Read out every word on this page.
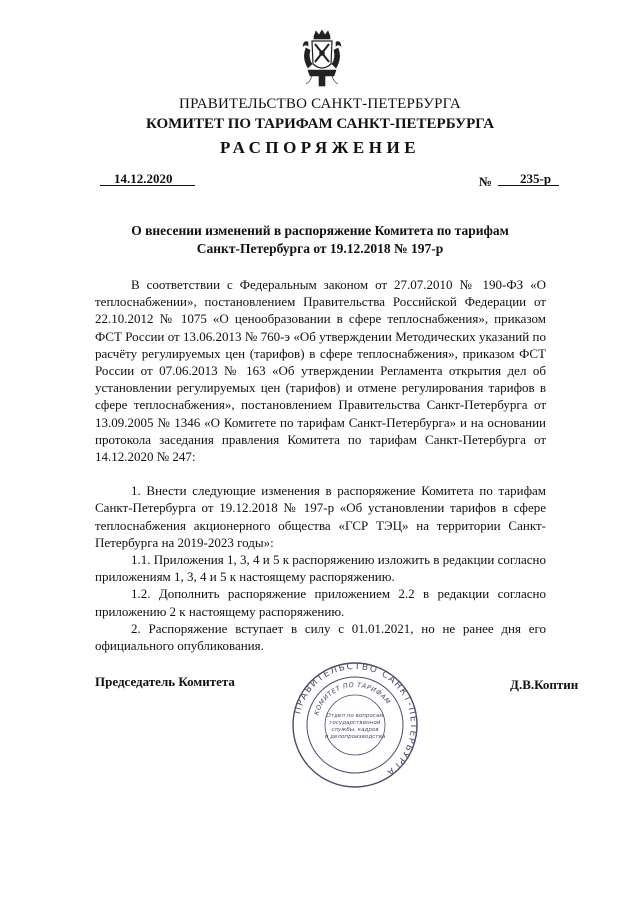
ПРАВИТЕЛЬСТВО САНКТ-ПЕТЕРБУРГА
КОМИТЕТ ПО ТАРИФАМ САНКТ-ПЕТЕРБУРГА
РАСПОРЯЖЕНИЕ
14.12.2020	№	235-р
О внесении изменений в распоряжение Комитета по тарифам
Санкт-Петербурга от 19.12.2018 № 197-р

В соответствии с Федеральным законом от 27.07.2010 № 190-ФЗ «О теплоснабжении», постановлением Правительства Российской Федерации от 22.10.2012 № 1075 «О ценообразовании в сфере теплоснабжения», приказом ФСТ России от 13.06.2013 № 760-э «Об утверждении Методических указаний по расчёту регулируемых цен (тарифов) в сфере теплоснабжения», приказом ФСТ России от 07.06.2013 № 163 «Об утверждении Регламента открытия дел об установлении регулируемых цен (тарифов) и отмене регулирования тарифов в сфере теплоснабжения», постановлением Правительства Санкт-Петербурга от 13.09.2005 № 1346 «О Комитете по тарифам Санкт-Петербурга» и на основании протокола заседания правления Комитета по тарифам Санкт-Петербурга от 14.12.2020 № 247:

1. Внести следующие изменения в распоряжение Комитета по тарифам Санкт-Петербурга от 19.12.2018 № 197-р «Об установлении тарифов в сфере теплоснабжения акционерного общества «ГСР ТЭЦ» на территории Санкт-Петербурга на 2019-2023 годы»:

1.1. Приложения 1, 3, 4 и 5 к распоряжению изложить в редакции согласно приложениям 1, 3, 4 и 5 к настоящему распоряжению.

1.2. Дополнить распоряжение приложением 2.2 в редакции согласно приложению 2 к настоящему распоряжению.

2. Распоряжение вступает в силу с 01.01.2021, но не ранее дня его официального опубликования.

Председатель Комитета	Д.В.Коптин
ПРАВИТЕЛЬСТВО САНКТ-ПЕТЕРБУРГА
КОМИТЕТ ПО ТАРИФАМ
Отдел по вопросам
государственной
службы, кадров
и делопроизводства
